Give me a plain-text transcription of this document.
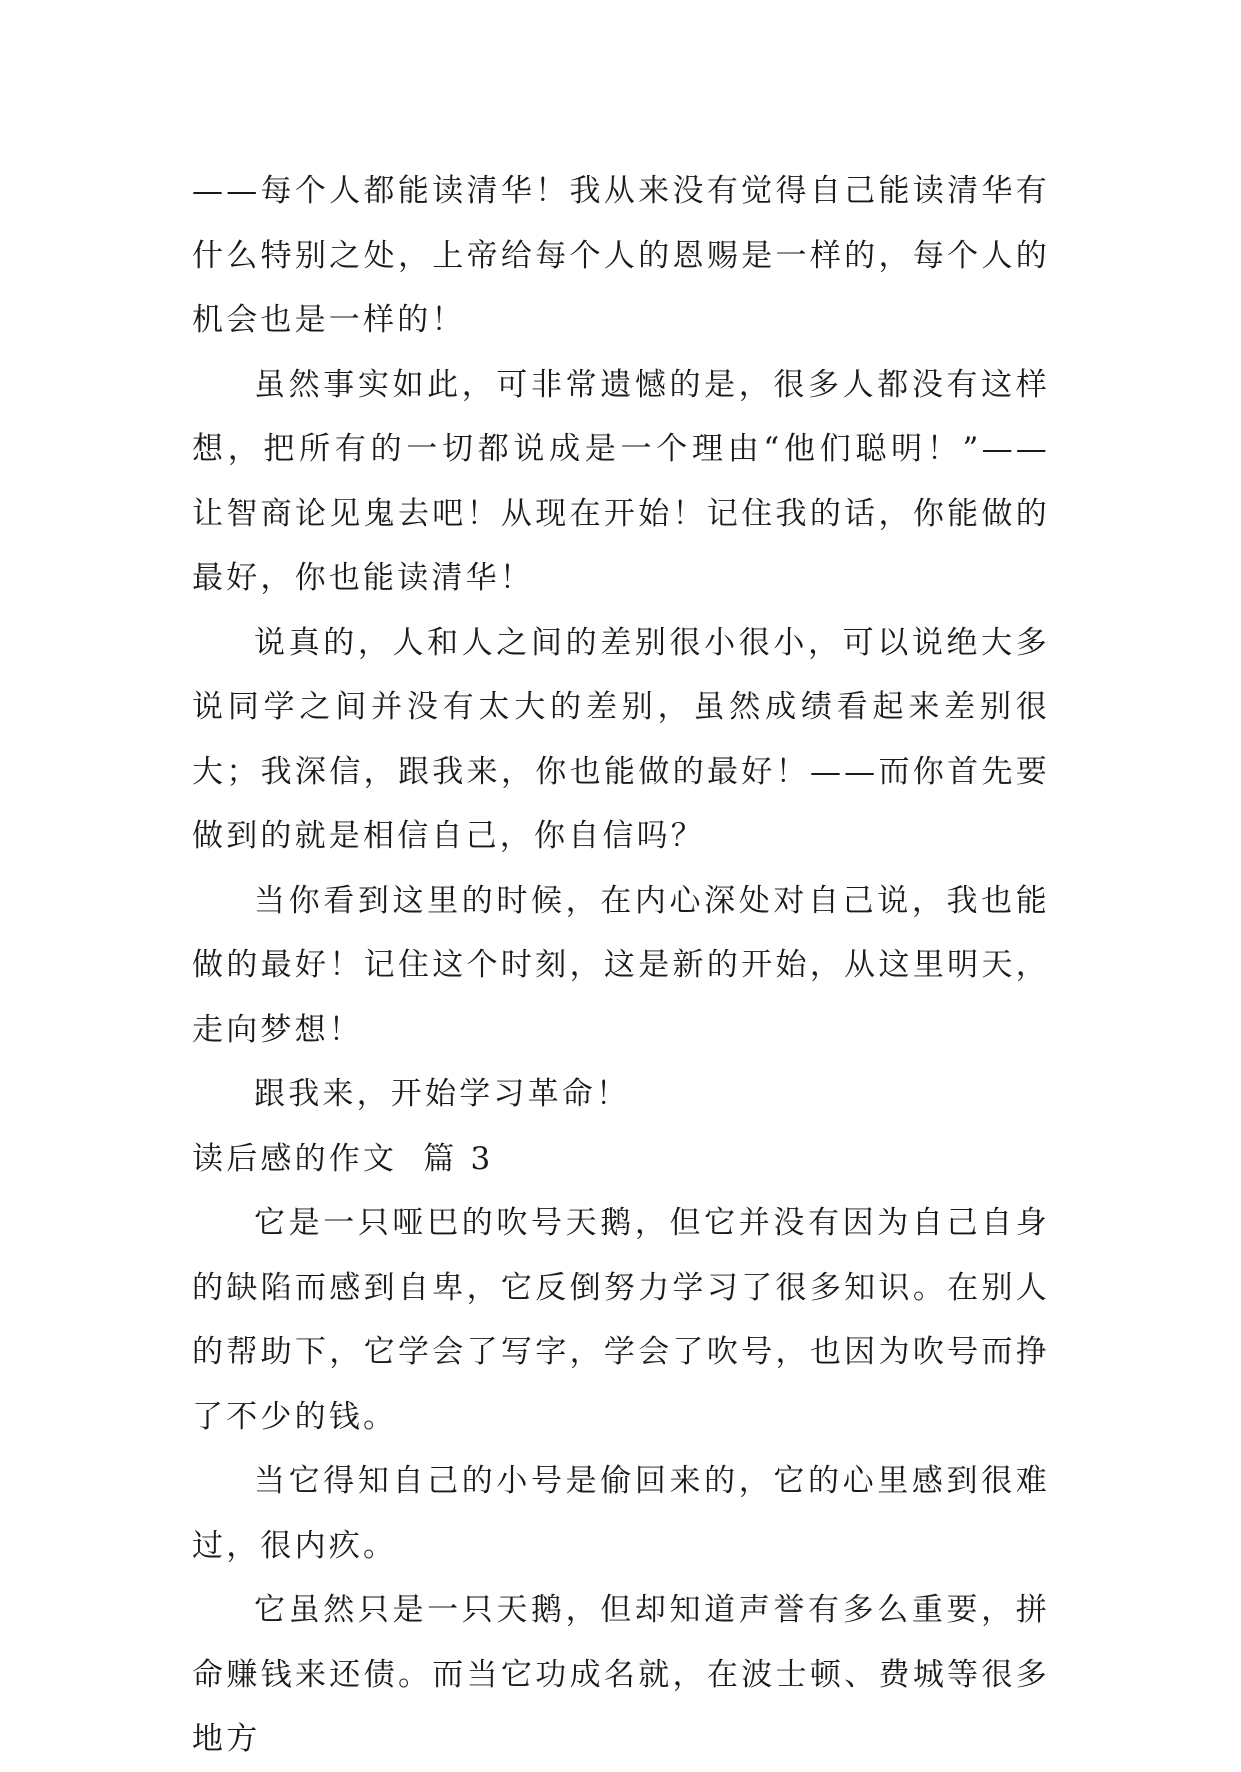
——每个人都能读清华！我从来没有觉得自己能读清华有什么特别之处，上帝给每个人的恩赐是一样的，每个人的机会也是一样的！

虽然事实如此，可非常遗憾的是，很多人都没有这样想，把所有的一切都说成是一个理由“他们聪明！”——让智商论见鬼去吧！从现在开始！记住我的话，你能做的最好，你也能读清华！

说真的，人和人之间的差别很小很小，可以说绝大多说同学之间并没有太大的差别，虽然成绩看起来差别很大；我深信，跟我来，你也能做的最好！——而你首先要做到的就是相信自己，你自信吗？

当你看到这里的时候，在内心深处对自己说，我也能做的最好！记住这个时刻，这是新的开始，从这里明天，走向梦想！

跟我来，开始学习革命！

读后感的作文  篇 3

它是一只哑巴的吹号天鹅，但它并没有因为自己自身的缺陷而感到自卑，它反倒努力学习了很多知识。在别人的帮助下，它学会了写字，学会了吹号，也因为吹号而挣了不少的钱。

当它得知自己的小号是偷回来的，它的心里感到很难过，很内疚。

它虽然只是一只天鹅，但却知道声誉有多么重要，拼命赚钱来还债。而当它功成名就，在波士顿、费城等很多地方
